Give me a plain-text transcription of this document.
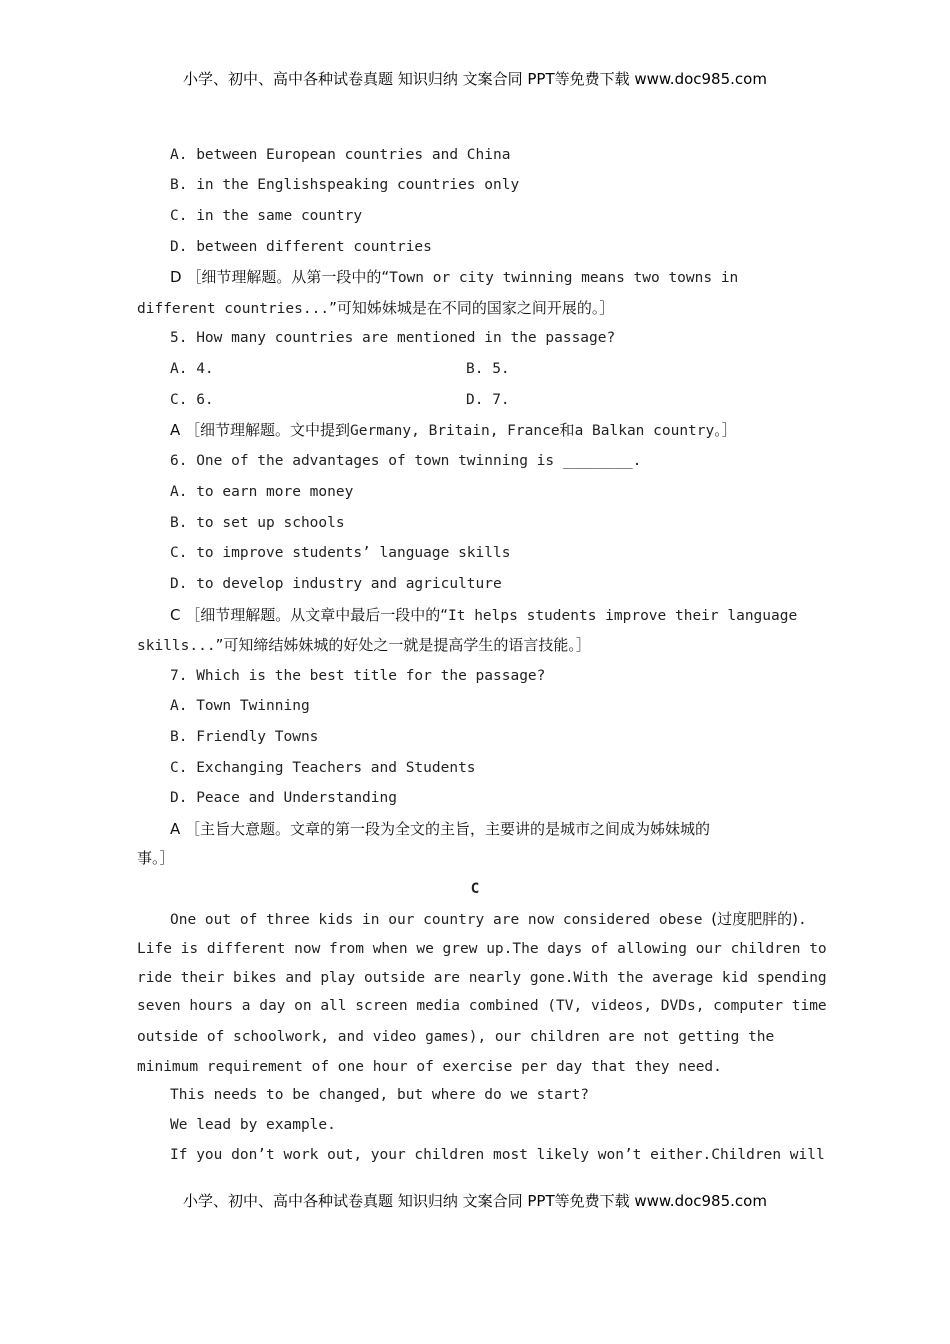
小学、初中、高中各种试卷真题 知识归纳 文案合同 PPT等免费下载 www.doc985.com
A. between European countries and China
B. in the Englishspeaking countries only
C. in the same country
D. between different countries
D ［细节理解题。从第一段中的“Town or city twinning means two towns in
different countries...”可知姊妹城是在不同的国家之间开展的。］
5. How many countries are mentioned in the passage?
A. 4.	B. 5.
C. 6.	D. 7.
A ［细节理解题。文中提到Germany, Britain, France和a Balkan country。］
6. One of the advantages of town twinning is ________.
A. to earn more money
B. to set up schools
C. to improve students’ language skills
D. to develop industry and agriculture
C ［细节理解题。从文章中最后一段中的“It helps students improve their language
skills...”可知缔结姊妹城的好处之一就是提高学生的语言技能。］
7. Which is the best title for the passage?
A. Town Twinning
B. Friendly Towns
C. Exchanging Teachers and Students
D. Peace and Understanding
A ［主旨大意题。文章的第一段为全文的主旨，主要讲的是城市之间成为姊妹城的
事。］
C
One out of three kids in our country are now considered obese (过度肥胖的).
Life is different now from when we grew up.The days of allowing our children to
ride their bikes and play outside are nearly gone.With the average kid spending
seven hours a day on all screen media combined (TV, videos, DVDs, computer time
outside of schoolwork, and video games), our children are not getting the
minimum requirement of one hour of exercise per day that they need.
This needs to be changed, but where do we start?
We lead by example.
If you don’t work out, your children most likely won’t either.Children will
小学、初中、高中各种试卷真题 知识归纳 文案合同 PPT等免费下载 www.doc985.com
